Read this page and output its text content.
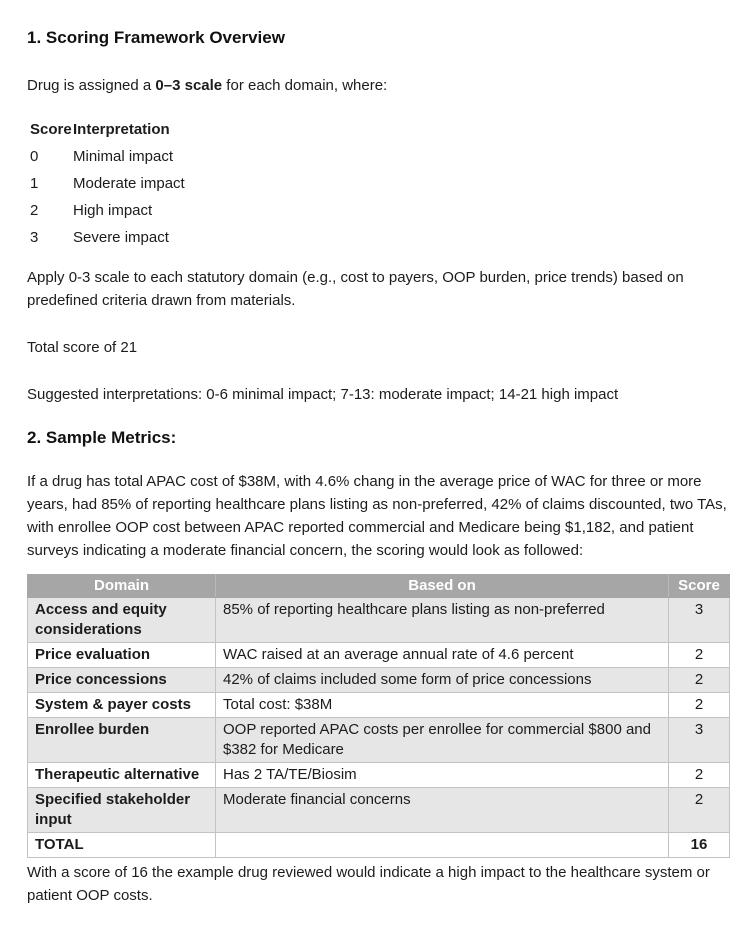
1. Scoring Framework Overview

Drug is assigned a 0–3 scale for each domain, where:

Score	Interpretation
0	Minimal impact
1	Moderate impact
2	High impact
3	Severe impact

Apply 0-3 scale to each statutory domain (e.g., cost to payers, OOP burden, price trends) based on predefined criteria drawn from materials.

Total score of 21

Suggested interpretations: 0-6 minimal impact; 7-13: moderate impact; 14-21 high impact

2. Sample Metrics:

If a drug has total APAC cost of $38M, with 4.6% chang in the average price of WAC for three or more years, had 85% of reporting healthcare plans listing as non-preferred, 42% of claims discounted, two TAs, with enrollee OOP cost between APAC reported commercial and Medicare being $1,182, and patient surveys indicating a moderate financial concern, the scoring would look as followed:

Domain	Based on	Score
Access and equity considerations	85% of reporting healthcare plans listing as non-preferred	3
Price evaluation	WAC raised at an average annual rate of 4.6 percent	2
Price concessions	42% of claims included some form of price concessions	2
System & payer costs	Total cost: $38M	2
Enrollee burden	OOP reported APAC costs per enrollee for commercial $800 and $382 for Medicare	3
Therapeutic alternative	Has 2 TA/TE/Biosim	2
Specified stakeholder input	Moderate financial concerns	2
TOTAL		16

With a score of 16 the example drug reviewed would indicate a high impact to the healthcare system or patient OOP costs.
